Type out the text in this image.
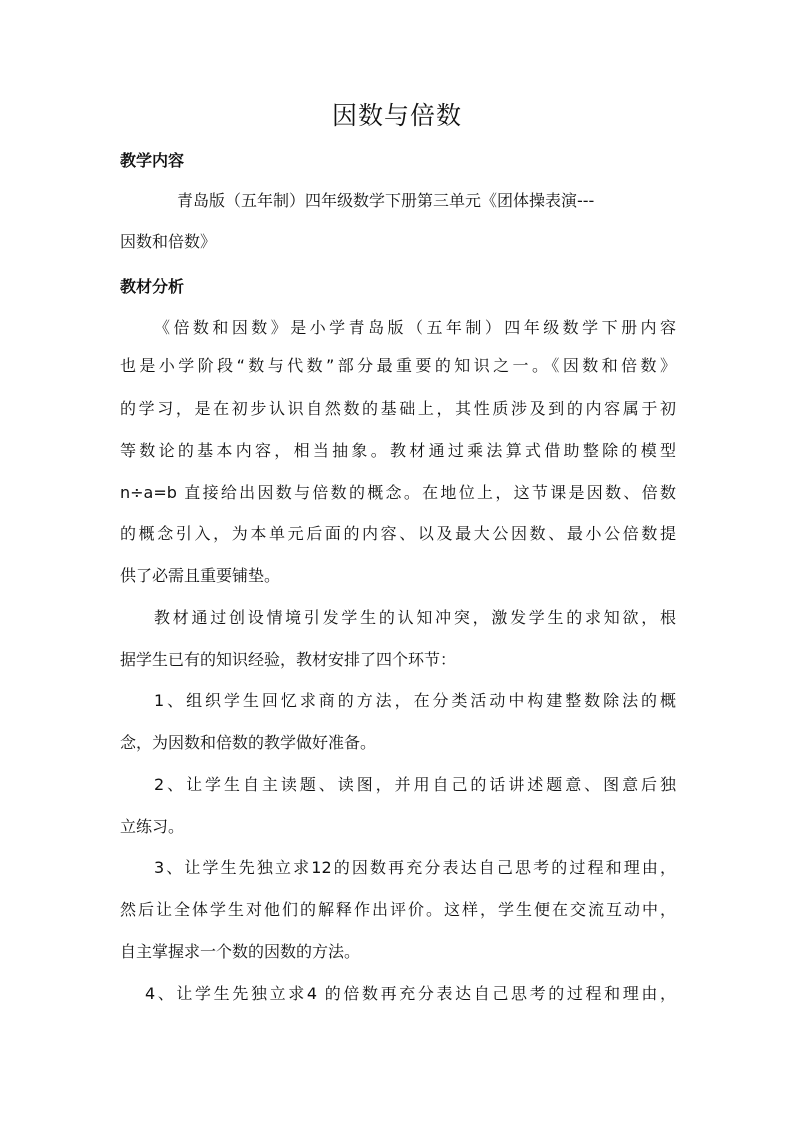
因数与倍数
教学内容
青岛版（五年制）四年级数学下册第三单元《团体操表演---
因数和倍数》
教材分析
《倍数和因数》是小学青岛版（五年制）四年级数学下册内容
也是小学阶段“数与代数”部分最重要的知识之一。《因数和倍数》
的学习，是在初步认识自然数的基础上，其性质涉及到的内容属于初
等数论的基本内容，相当抽象。教材通过乘法算式借助整除的模型
n÷a=b 直接给出因数与倍数的概念。在地位上，这节课是因数、倍数
的概念引入，为本单元后面的内容、以及最大公因数、最小公倍数提
供了必需且重要铺垫。
教材通过创设情境引发学生的认知冲突，激发学生的求知欲，根
据学生已有的知识经验，教材安排了四个环节：
1、组织学生回忆求商的方法，在分类活动中构建整数除法的概
念，为因数和倍数的教学做好准备。
2、让学生自主读题、读图，并用自己的话讲述题意、图意后独
立练习。
3、让学生先独立求12的因数再充分表达自己思考的过程和理由，
然后让全体学生对他们的解释作出评价。这样，学生便在交流互动中，
自主掌握求一个数的因数的方法。
4、让学生先独立求4 的倍数再充分表达自己思考的过程和理由，
